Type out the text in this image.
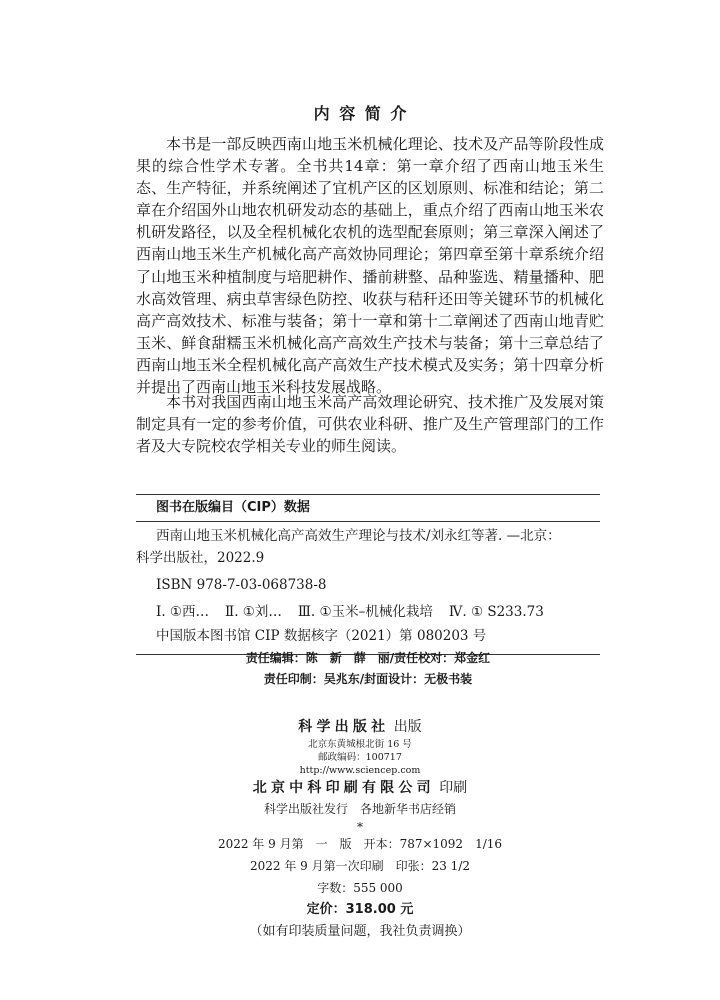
内容简介

本书是一部反映西南山地玉米机械化理论、技术及产品等阶段性成果的综合性学术专著。全书共14章：第一章介绍了西南山地玉米生态、生产特征，并系统阐述了宜机产区的区划原则、标准和结论；第二章在介绍国外山地农机研发动态的基础上，重点介绍了西南山地玉米农机研发路径，以及全程机械化农机的选型配套原则；第三章深入阐述了西南山地玉米生产机械化高产高效协同理论；第四章至第十章系统介绍了山地玉米种植制度与培肥耕作、播前耕整、品种鉴选、精量播种、肥水高效管理、病虫草害绿色防控、收获与秸秆还田等关键环节的机械化高产高效技术、标准与装备；第十一章和第十二章阐述了西南山地青贮玉米、鲜食甜糯玉米机械化高产高效生产技术与装备；第十三章总结了西南山地玉米全程机械化高产高效生产技术模式及实务；第十四章分析并提出了西南山地玉米科技发展战略。

本书对我国西南山地玉米高产高效理论研究、技术推广及发展对策制定具有一定的参考价值，可供农业科研、推广及生产管理部门的工作者及大专院校农学相关专业的师生阅读。

图书在版编目（CIP）数据
西南山地玉米机械化高产高效生产理论与技术/刘永红等著. —北京：
科学出版社，2022.9
ISBN 978-7-03-068738-8
Ⅰ. ①西… Ⅱ. ①刘… Ⅲ. ①玉米–机械化栽培 Ⅳ. ① S233.73
中国版本图书馆 CIP 数据核字（2021）第 080203 号
责任编辑：陈　新　薛　丽/责任校对：郑金红
责任印制：吴兆东/封面设计：无极书装
科学出版社 出版
北京东黄城根北街 16 号
邮政编码：100717
http://www.sciencep.com
北京中科印刷有限公司 印刷
科学出版社发行　各地新华书店经销
*
2022 年 9 月第　一　版　开本：787×1092　1/16
2022 年 9 月第一次印刷　印张：23 1/2
字数：555 000
定价：318.00 元
（如有印装质量问题，我社负责调换）
